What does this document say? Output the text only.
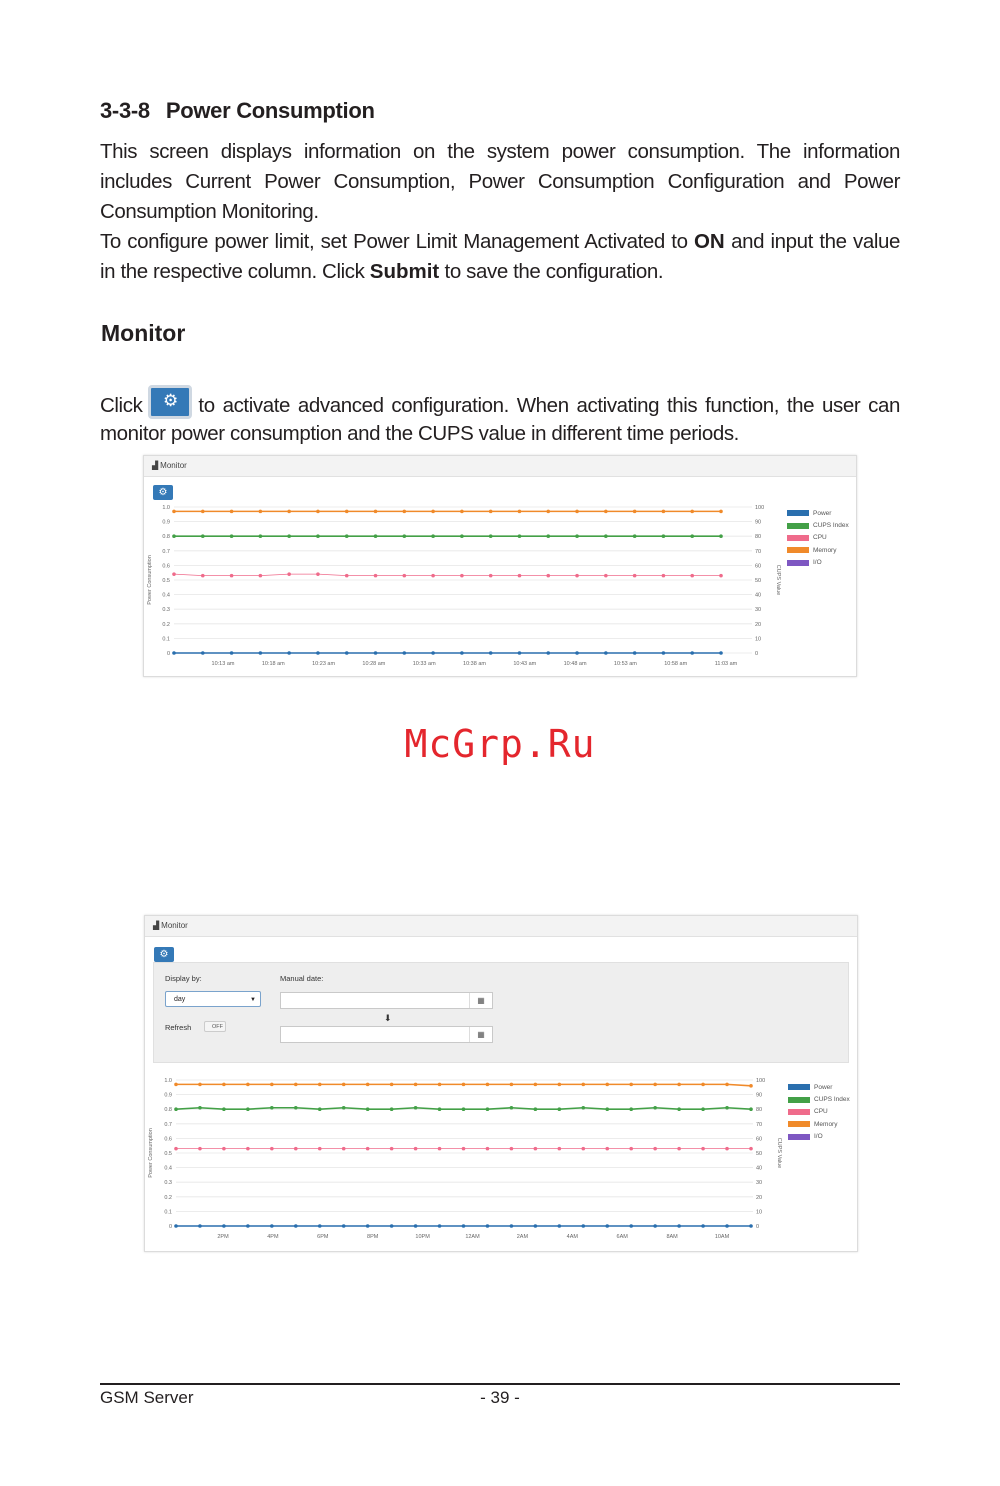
3-3-8 Power Consumption

This screen displays information on the system power consumption. The information includes Current Power Consumption, Power Consumption Configuration and Power Consumption Monitoring.

To configure power limit, set Power Limit Management Activated to ON and input the value in the respective column. Click Submit to save the configuration.

Monitor

Click	⚙	to activate advanced configuration. When activating this function, the user can monitor power consumption and the CUPS value in different time periods.

▟ Monitor
⚙
0
0.1
0.2
0.3
0.4
0.5
0.6
0.7
0.8
0.9
1.0
0
10
20
30
40
50
60
70
80
90
100
Power Consumption	CUPS Value
10:13 am	10:18 am	10:23 am	10:28 am	10:33 am	10:38 am	10:43 am	10:48 am	10:53 am	10:58 am	11:03 am
Power
CUPS Index
CPU
Memory
I/O
McGrp.Ru
▟ Monitor
⚙
Display by:
day	▼
Manual date:
▦
⬇
▦
Refresh	OFF
0
0.1
0.2
0.3
0.4
0.5
0.6
0.7
0.8
0.9
1.0
0
10
20
30
40
50
60
70
80
90
100
Power Consumption	CUPS Value
2PM	4PM	6PM	8PM	10PM	12AM	2AM	4AM	6AM	8AM	10AM
Power
CUPS Index
CPU
Memory
I/O
GSM Server	- 39 -
